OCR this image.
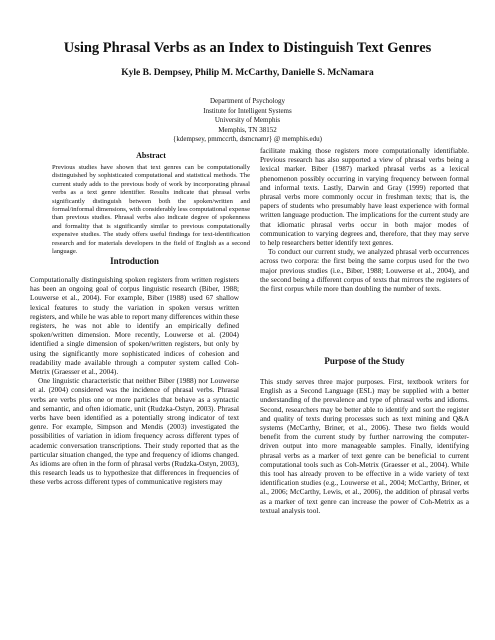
Using Phrasal Verbs as an Index to Distinguish Text Genres
Kyle B. Dempsey, Philip M. McCarthy, Danielle S. McNamara
Department of Psychology
Institute for Intelligent Systems
University of Memphis
Memphis, TN 38152
{kdempsey, pmmccrth, dsmcnamr} @ memphis.edu)
Abstract

Previous studies have shown that text genres can be computationally distinguished by sophisticated computational and statistical methods. The current study adds to the previous body of work by incorporating phrasal verbs as a text genre identifier. Results indicate that phrasal verbs significantly distinguish between both the spoken/written and formal/informal dimensions, with considerably less computational expense than previous studies. Phrasal verbs also indicate degree of spokenness and formality that is significantly similar to previous computationally expensive studies. The study offers useful findings for text-identification research and for materials developers in the field of English as a second language.

Introduction

Computationally distinguishing spoken registers from written registers has been an ongoing goal of corpus linguistic research (Biber, 1988; Louwerse et al., 2004). For example, Biber (1988) used 67 shallow lexical features to study the variation in spoken versus written registers, and while he was able to report many differences within these registers, he was not able to identify an empirically defined spoken/written dimension. More recently, Louwerse et al. (2004) identified a single dimension of spoken/written registers, but only by using the significantly more sophisticated indices of cohesion and readability made available through a computer system called Coh-Metrix (Graesser et al., 2004).

One linguistic characteristic that neither Biber (1988) nor Louwerse et al. (2004) considered was the incidence of phrasal verbs. Phrasal verbs are verbs plus one or more particles that behave as a syntactic and semantic, and often idiomatic, unit (Rudzka-Ostyn, 2003). Phrasal verbs have been identified as a potentially strong indicator of text genre. For example, Simpson and Mendis (2003) investigated the possibilities of variation in idiom frequency across different types of academic conversation transcriptions. Their study reported that as the particular situation changed, the type and frequency of idioms changed. As idioms are often in the form of phrasal verbs (Rudzka-Ostyn, 2003), this research leads us to hypothesize that differences in frequencies of these verbs across different types of communicative registers may

facilitate making those registers more computationally identifiable. Previous research has also supported a view of phrasal verbs being a lexical marker. Biber (1987) marked phrasal verbs as a lexical phenomenon possibly occurring in varying frequency between formal and informal texts. Lastly, Darwin and Gray (1999) reported that phrasal verbs more commonly occur in freshman texts; that is, the papers of students who presumably have least experience with formal written language production. The implications for the current study are that idiomatic phrasal verbs occur in both major modes of communication to varying degrees and, therefore, that they may serve to help researchers better identify text genres.

To conduct our current study, we analyzed phrasal verb occurrences across two corpora: the first being the same corpus used for the two major previous studies (i.e., Biber, 1988; Louwerse et al., 2004), and the second being a different corpus of texts that mirrors the registers of the first corpus while more than doubling the number of texts.

Purpose of the Study

This study serves three major purposes. First, textbook writers for English as a Second Language (ESL) may be supplied with a better understanding of the prevalence and type of phrasal verbs and idioms. Second, researchers may be better able to identify and sort the register and quality of texts during processes such as text mining and Q&A systems (McCarthy, Briner, et al., 2006). These two fields would benefit from the current study by further narrowing the computer-driven output into more manageable samples. Finally, identifying phrasal verbs as a marker of text genre can be beneficial to current computational tools such as Coh-Metrix (Graesser et al., 2004). While this tool has already proven to be effective in a wide variety of text identification studies (e.g., Louwerse et al., 2004; McCarthy, Briner, et al., 2006; McCarthy, Lewis, et al., 2006), the addition of phrasal verbs as a marker of text genre can increase the power of Coh-Metrix as a textual analysis tool.
